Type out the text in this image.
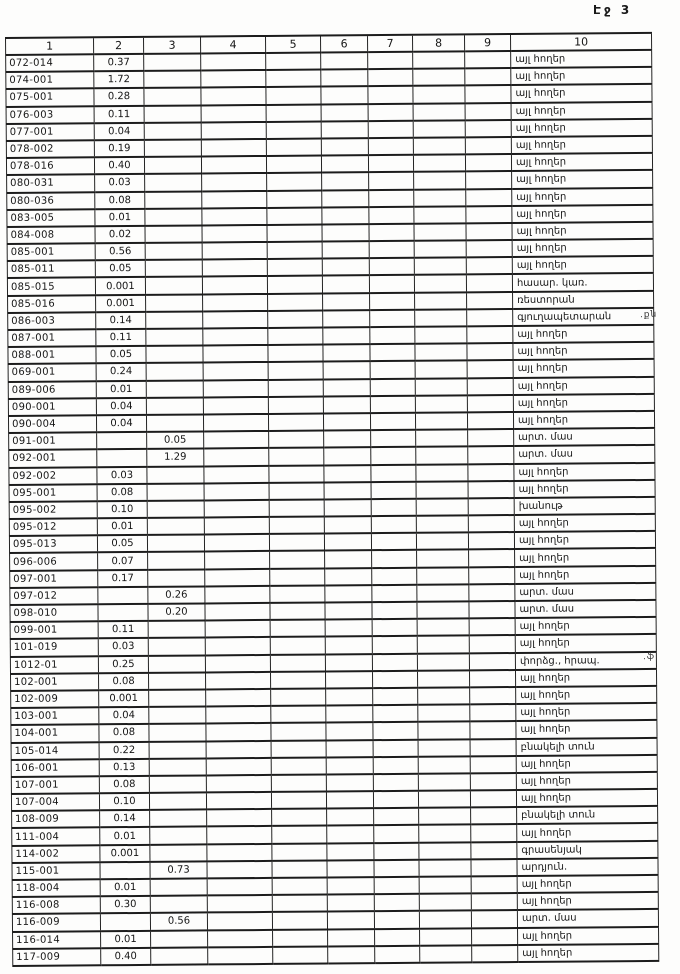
Էջ 3
1	2	3	4	5	6	7	8	9	10
072-014	0.37								այլ հողեր
074-001	1.72								այլ հողեր
075-001	0.28								այլ հողեր
076-003	0.11								այլ հողեր
077-001	0.04								այլ հողեր
078-002	0.19								այլ հողեր
078-016	0.40								այլ հողեր
080-031	0.03								այլ հողեր
080-036	0.08								այլ հողեր
083-005	0.01								այլ հողեր
084-008	0.02								այլ հողեր
085-001	0.56								այլ հողեր
085-011	0.05								այլ հողեր
085-015	0.001								հասար. կառ.
085-016	0.001								ռեստորան
086-003	0.14								գյուղապետարան
087-001	0.11								այլ հողեր
088-001	0.05								այլ հողեր
069-001	0.24								այլ հողեր
089-006	0.01								այլ հողեր
090-001	0.04								այլ հողեր
090-004	0.04								այլ հողեր
091-001		0.05							արտ. մաս
092-001		1.29							արտ. մաս
092-002	0.03								այլ հողեր
095-001	0.08								այլ հողեր
095-002	0.10								խանութ
095-012	0.01								այլ հողեր
095-013	0.05								այլ հողեր
096-006	0.07								այլ հողեր
097-001	0.17								այլ հողեր
097-012		0.26							արտ. մաս
098-010		0.20							արտ. մաս
099-001	0.11								այլ հողեր
101-019	0.03								այլ հողեր
1012-01	0.25								փորձց., հրապ.
102-001	0.08								այլ հողեր
102-009	0.001								այլ հողեր
103-001	0.04								այլ հողեր
104-001	0.08								այլ հողեր
105-014	0.22								բնակելի տուն
106-001	0.13								այլ հողեր
107-001	0.08								այլ հողեր
107-004	0.10								այլ հողեր
108-009	0.14								բնակելի տուն
111-004	0.01								այլ հողեր
114-002	0.001								գրասենյակ
115-001		0.73							արդյուն.
118-004	0.01								այլ հողեր
116-008	0.30								այլ հողեր
116-009		0.56							արտ. մաս
116-014	0.01								այլ հողեր
117-009	0.40								այլ հողեր
.քն
.ֆ
